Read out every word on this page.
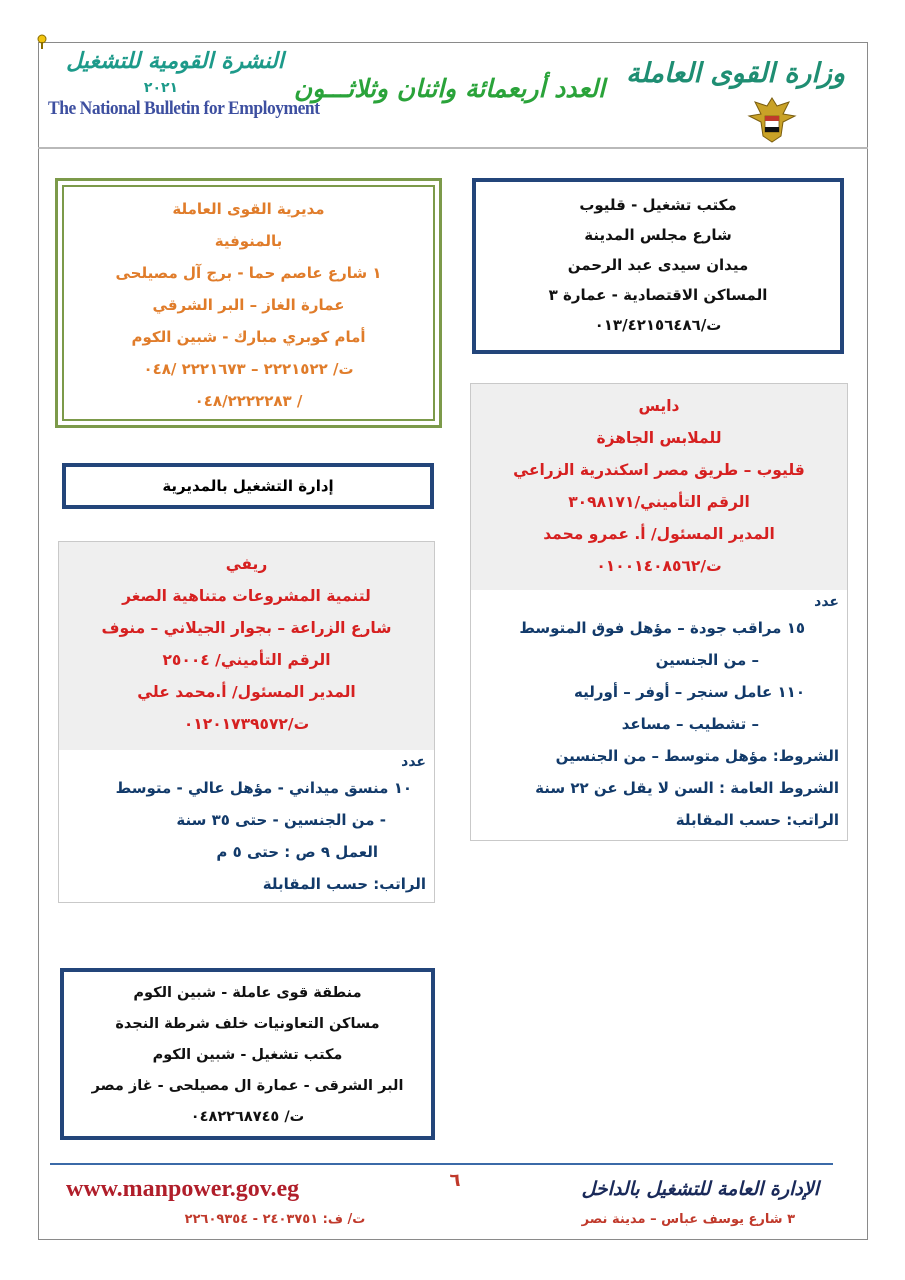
وزارة القوى العاملة
العدد أربعمائة واثنان وثلاثـــون
النشرة القومية للتشغيل
٢٠٢١
The National Bulletin for Employment
مكتب تشغيل - قليوب
شارع مجلس المدينة
ميدان سيدى عبد الرحمن
المساكن الاقتصادية - عمارة ٣
ت/٠١٣/٤٢١٥٦٤٨٦
مديرية القوى العاملة
بالمنوفية
١ شارع عاصم حما - برج آل مصيلحى
عمارة الغاز – البر الشرقي
أمام كوبري مبارك - شبين الكوم
ت/ ٢٢٢١٥٢٢ – ٢٢٢١٦٧٣ /٠٤٨
/ ٠٤٨/٢٢٢٢٢٨٣
إدارة التشغيل بالمديرية
دايس
للملابس الجاهزة
قليوب – طريق مصر اسكندرية الزراعي
الرقم التأميني/٣٠٩٨١٧١
المدير المسئول/ أ. عمرو محمد
ت/٠١٠٠١٤٠٨٥٦٢
عدد
١٥ مراقب جودة – مؤهل فوق المتوسط
– من الجنسين
١١٠ عامل سنجر – أوفر – أورليه
– تشطيب – مساعد
الشروط: مؤهل متوسط – من الجنسين
الشروط العامة : السن لا يقل عن ٢٢ سنة
الراتب: حسب المقابلة
ريفي
لتنمية المشروعات متناهية الصغر
شارع الزراعة – بجوار الجيلاني – منوف
الرقم التأميني/ ٢٥٠٠٤
المدير المسئول/ أ.محمد علي
ت/٠١٢٠١٧٣٩٥٧٢
عدد
١٠ منسق ميداني - مؤهل عالي - متوسط
- من الجنسين - حتى ٣٥ سنة
العمل ٩ ص : حتى ٥ م
الراتب: حسب المقابلة
منطقة قوى عاملة - شبين الكوم
مساكن التعاونيات خلف شرطة النجدة
مكتب تشغيل - شبين الكوم
البر الشرقى - عمارة ال مصيلحى - غاز مصر
ت/ ٠٤٨٢٢٦٨٧٤٥
٦
www.manpower.gov.eg
ت/ ف: ٢٤٠٣٧٥١ - ٢٢٦٠٩٣٥٤
الإدارة العامة للتشغيل بالداخل
٣ شارع يوسف عباس – مدينة نصر
